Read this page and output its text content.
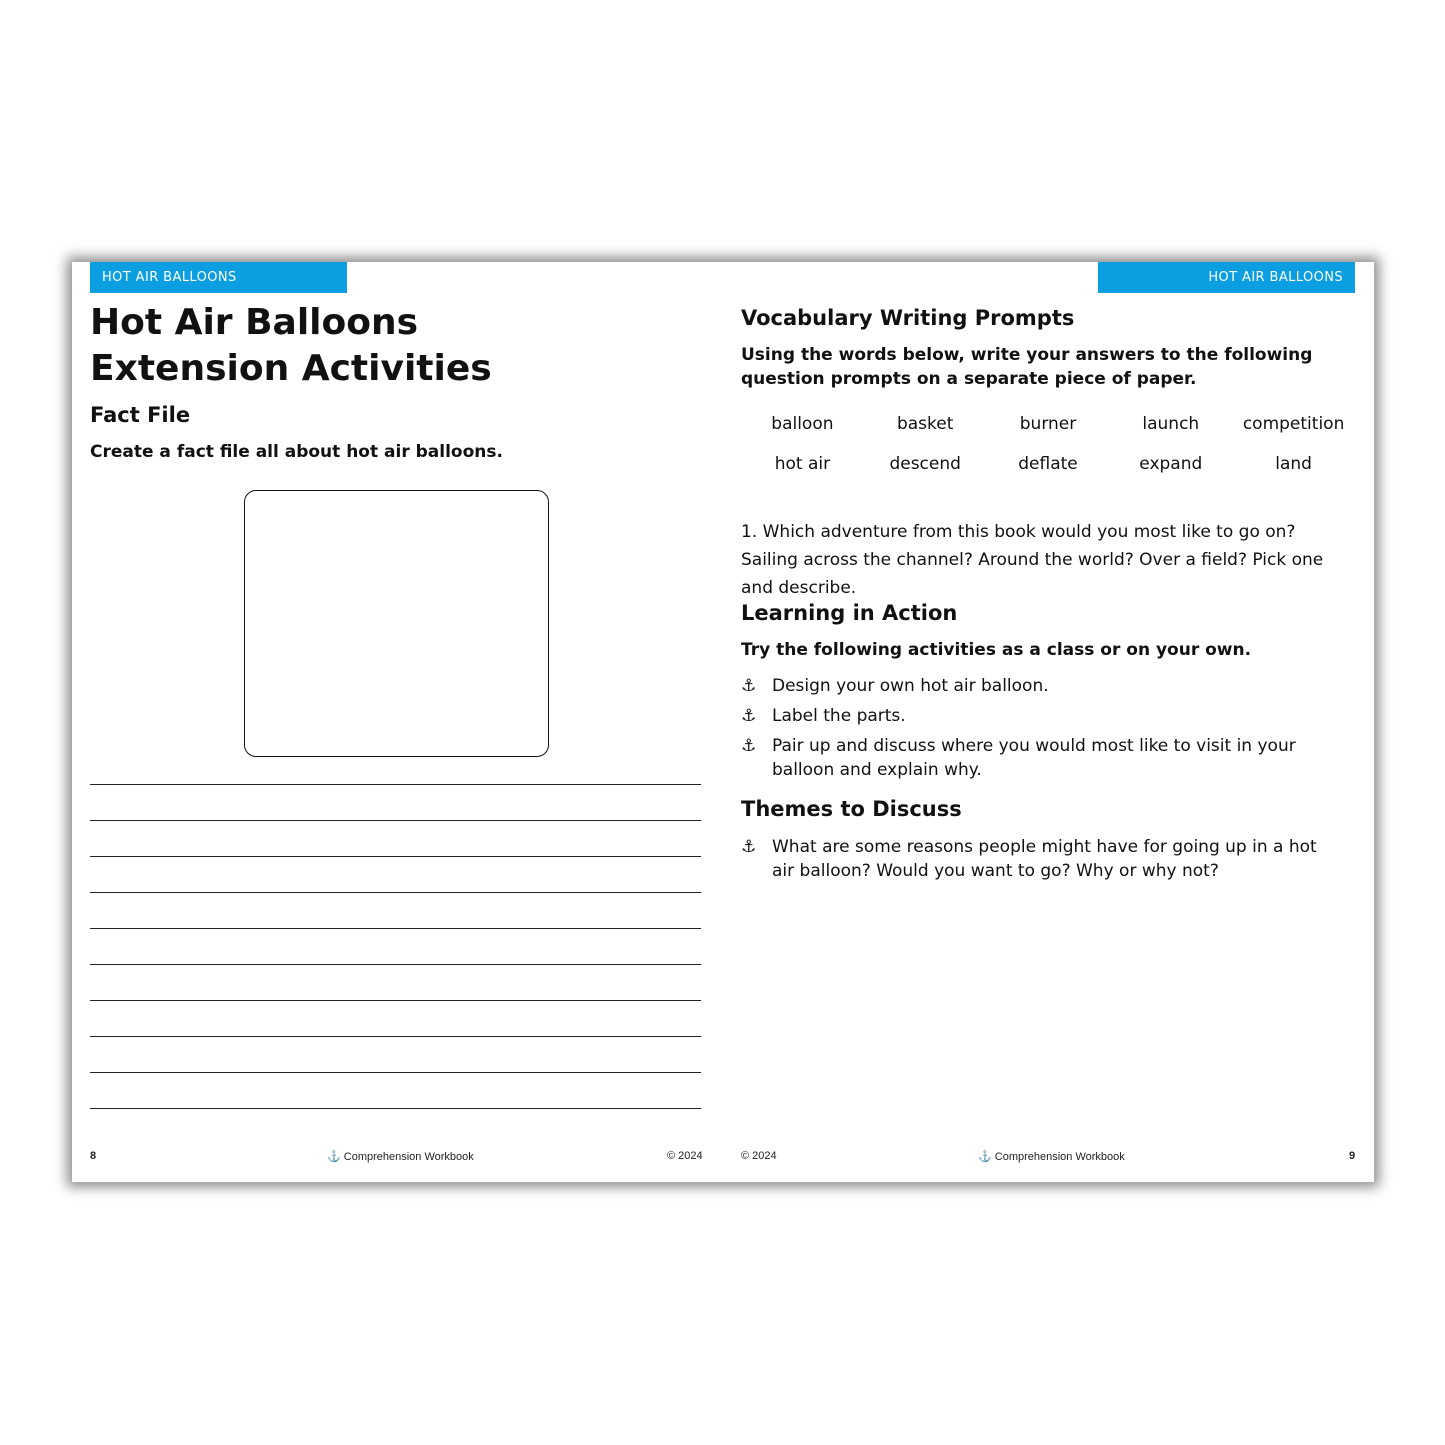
HOT AIR BALLOONS
Hot Air Balloons
Extension Activities
Fact File
Create a fact file all about hot air balloons.
8	⚓ Comprehension Workbook	© 2024
HOT AIR BALLOONS
Vocabulary Writing Prompts
Using the words below, write your answers to the following question prompts on a separate piece of paper.
balloon	basket	burner	launch	competition
hot air	descend	deflate	expand	land
1. Which adventure from this book would you most like to go on? Sailing across the channel? Around the world? Over a field? Pick one and describe.
Learning in Action
Try the following activities as a class or on your own.
⚓ Design your own hot air balloon.
⚓ Label the parts.
⚓ Pair up and discuss where you would most like to visit in your balloon and explain why.
Themes to Discuss
⚓ What are some reasons people might have for going up in a hot air balloon? Would you want to go? Why or why not?
© 2024	⚓ Comprehension Workbook	9
